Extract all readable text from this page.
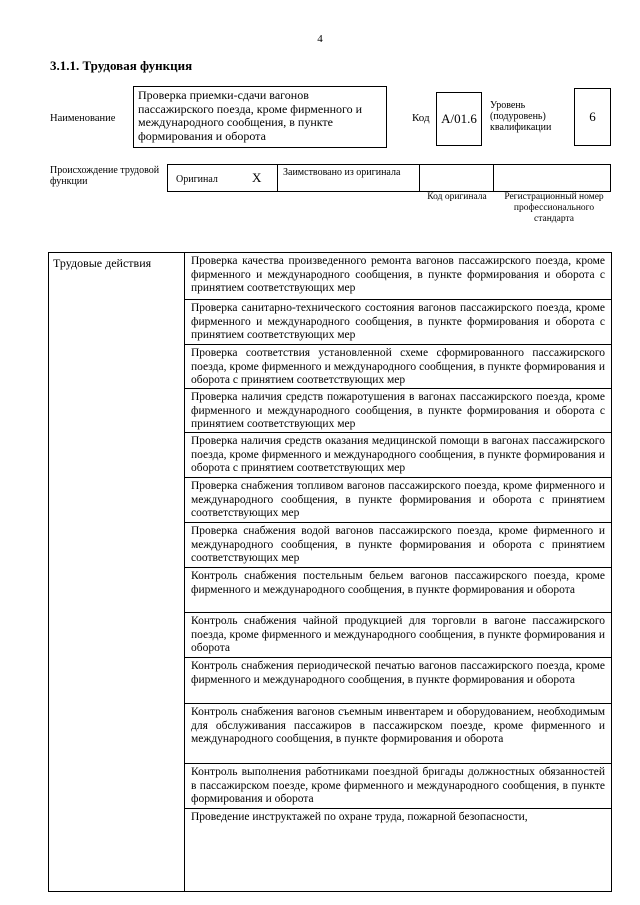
4
3.1.1. Трудовая функция
Наименование
Проверка приемки-сдачи вагонов пассажирского поезда, кроме фирменного и международного сообщения, в пункте формирования и оборота
Код A/01.6
Уровень (подуровень) квалификации
6
Происхождение трудовой функции	Оригинал	X Заимствовано из оригинала
Код оригинала	Регистрационный номер профессионального стандарта
Трудовые действия	Проверка качества произведенного ремонта вагонов пассажирского поезда, кроме фирменного и международного сообщения, в пункте формирования и оборота с принятием соответствующих мер
Проверка санитарно-технического состояния вагонов пассажирского поезда, кроме фирменного и международного сообщения, в пункте формирования и оборота с принятием соответствующих мер
Проверка соответствия установленной схеме сформированного пассажирского поезда, кроме фирменного и международного сообщения, в пункте формирования и оборота с принятием соответствующих мер
Проверка наличия средств пожаротушения в вагонах пассажирского поезда, кроме фирменного и международного сообщения, в пункте формирования и оборота с принятием соответствующих мер
Проверка наличия средств оказания медицинской помощи в вагонах пассажирского поезда, кроме фирменного и международного сообщения, в пункте формирования и оборота с принятием соответствующих мер
Проверка снабжения топливом вагонов пассажирского поезда, кроме фирменного и международного сообщения, в пункте формирования и оборота с принятием соответствующих мер
Проверка снабжения водой вагонов пассажирского поезда, кроме фирменного и международного сообщения, в пункте формирования и оборота с принятием соответствующих мер
Контроль снабжения постельным бельем вагонов пассажирского поезда, кроме фирменного и международного сообщения, в пункте формирования и оборота
Контроль снабжения чайной продукцией для торговли в вагоне пассажирского поезда, кроме фирменного и международного сообщения, в пункте формирования и оборота
Контроль снабжения периодической печатью вагонов пассажирского поезда, кроме фирменного и международного сообщения, в пункте формирования и оборота
Контроль снабжения вагонов съемным инвентарем и оборудованием, необходимым для обслуживания пассажиров в пассажирском поезде, кроме фирменного и международного сообщения, в пункте формирования и оборота
Контроль выполнения работниками поездной бригады должностных обязанностей в пассажирском поезде, кроме фирменного и международного сообщения, в пункте формирования и оборота
Проведение инструктажей по охране труда, пожарной безопасности,
